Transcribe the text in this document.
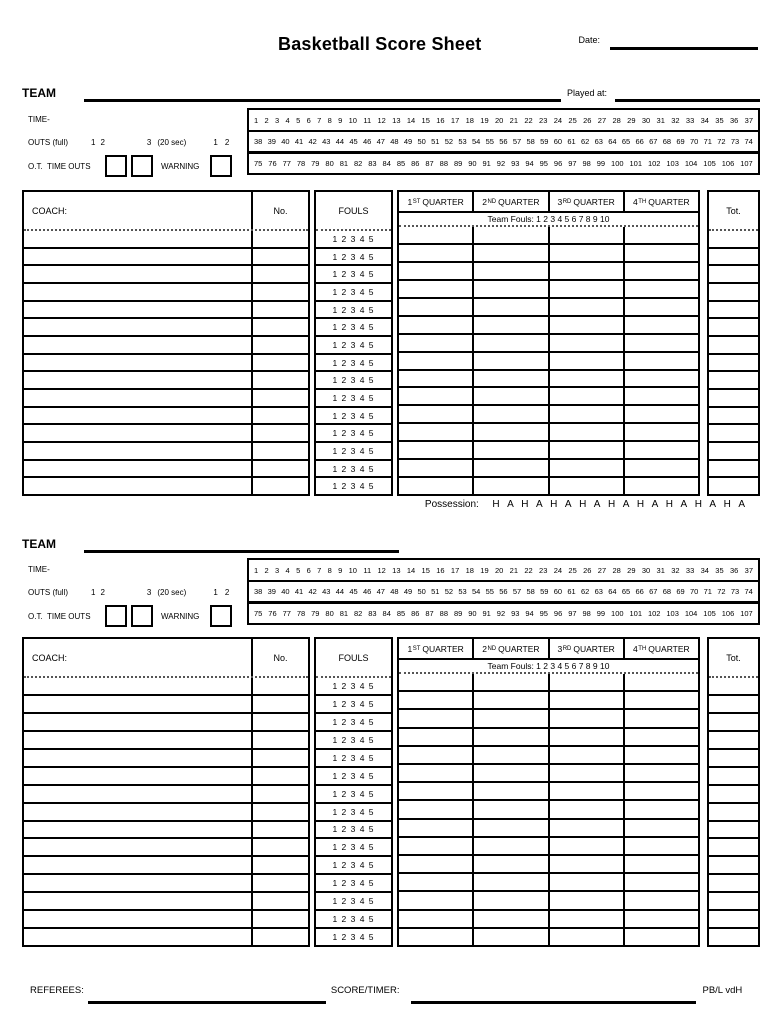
Basketball Score Sheet	Date:
TEAM	Played at:
TIME-
OUTS (full)	1 2	3 (20 sec)	1 2
O.T.  TIME OUTS	WARNING
1 2 3 4 5 6 7 8 9 10 11 12 13 14 15 16 17 18 19 20 21 22 23 24 25 26 27 28 29 30 31 32 33 34 35 36 37
38 39 40 41 42 43 44 45 46 47 48 49 50 51 52 53 54 55 56 57 58 59 60 61 62 63 64 65 66 67 68 69 70 71 72 73 74
75 76 77 78 79 80 81 82 83 84 85 86 87 88 89 90 91 92 93 94 95 96 97 98 99 100 101 102 103 104 105 106 107
COACH:	No.	FOULS
1 2 3 4 5
1 2 3 4 5
1 2 3 4 5
1 2 3 4 5
1 2 3 4 5
1 2 3 4 5
1 2 3 4 5
1 2 3 4 5
1 2 3 4 5
1 2 3 4 5
1 2 3 4 5
1 2 3 4 5
1 2 3 4 5
1 2 3 4 5
1 2 3 4 5
1 ST QUARTER 2 ND QUARTER 3 RD QUARTER 4 TH QUARTER
Team Fouls: 1 2 3 4 5 6 7 8 9 10
Tot.
Possession:	H A H A H A H A H A H A H A H A H A
TEAM
TIME-
OUTS (full)	1 2	3 (20 sec)	1 2
O.T.  TIME OUTS	WARNING
1 2 3 4 5 6 7 8 9 10 11 12 13 14 15 16 17 18 19 20 21 22 23 24 25 26 27 28 29 30 31 32 33 34 35 36 37
38 39 40 41 42 43 44 45 46 47 48 49 50 51 52 53 54 55 56 57 58 59 60 61 62 63 64 65 66 67 68 69 70 71 72 73 74
75 76 77 78 79 80 81 82 83 84 85 86 87 88 89 90 91 92 93 94 95 96 97 98 99 100 101 102 103 104 105 106 107
COACH:	No.	FOULS
1 2 3 4 5
1 2 3 4 5
1 2 3 4 5
1 2 3 4 5
1 2 3 4 5
1 2 3 4 5
1 2 3 4 5
1 2 3 4 5
1 2 3 4 5
1 2 3 4 5
1 2 3 4 5
1 2 3 4 5
1 2 3 4 5
1 2 3 4 5
1 2 3 4 5
1 ST QUARTER 2 ND QUARTER 3 RD QUARTER 4 TH QUARTER
Team Fouls: 1 2 3 4 5 6 7 8 9 10
Tot.
REFEREES:	SCORE/TIMER:	PB/L vdH
